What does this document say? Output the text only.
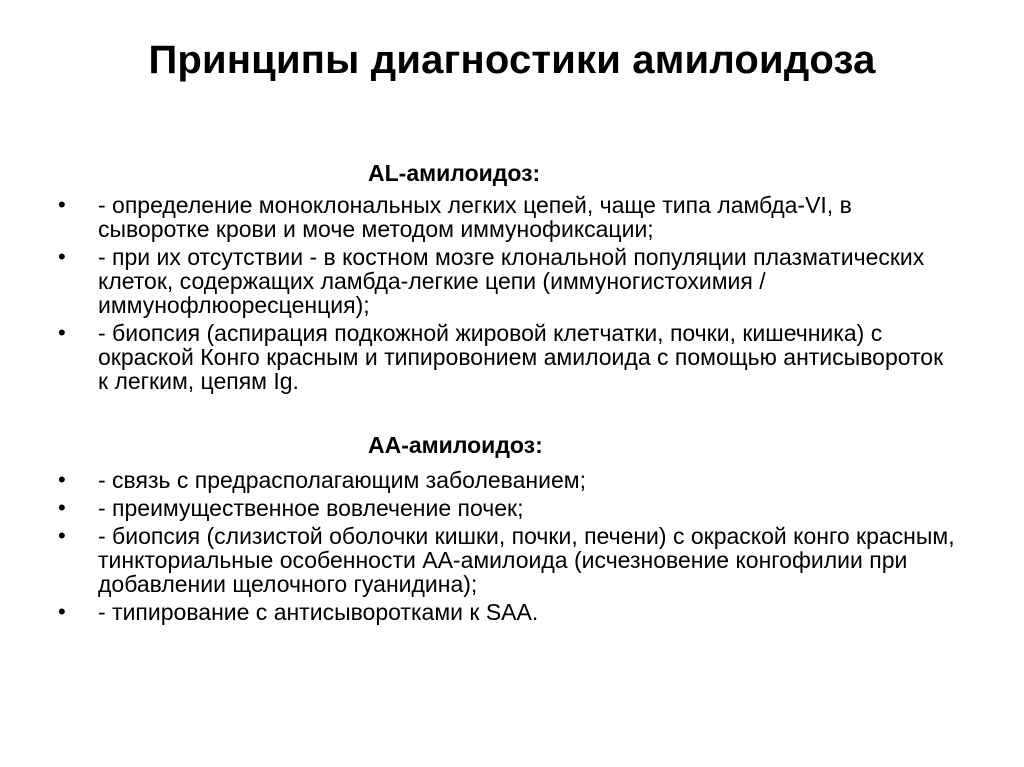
Принципы диагностики амилоидоза
AL-амилоидоз:
• - определение моноклональных легких цепей, чаще типа ламбда-VI, в сыворотке крови и моче методом иммунофиксации;
• - при их отсутствии - в костном мозге клональной популяции плазматических клеток, содержащих ламбда-легкие цепи (иммуногистохимия / иммунофлюоресценция);
• - биопсия (аспирация подкожной жировой клетчатки, почки, кишечника) с окраской Конго красным и типировонием амилоида с помощью антисывороток к легким, цепям Ig.
АА-амилоидоз:
• - связь с предрасполагающим заболеванием;
• - преимущественное вовлечение почек;
• - биопсия (слизистой оболочки кишки, почки, печени) с окраской конго красным, тинкториальные особенности АА-амилоида (исчезновение конгофилии при добавлении щелочного гуанидина);
• - типирование с антисыворотками к SAA.
